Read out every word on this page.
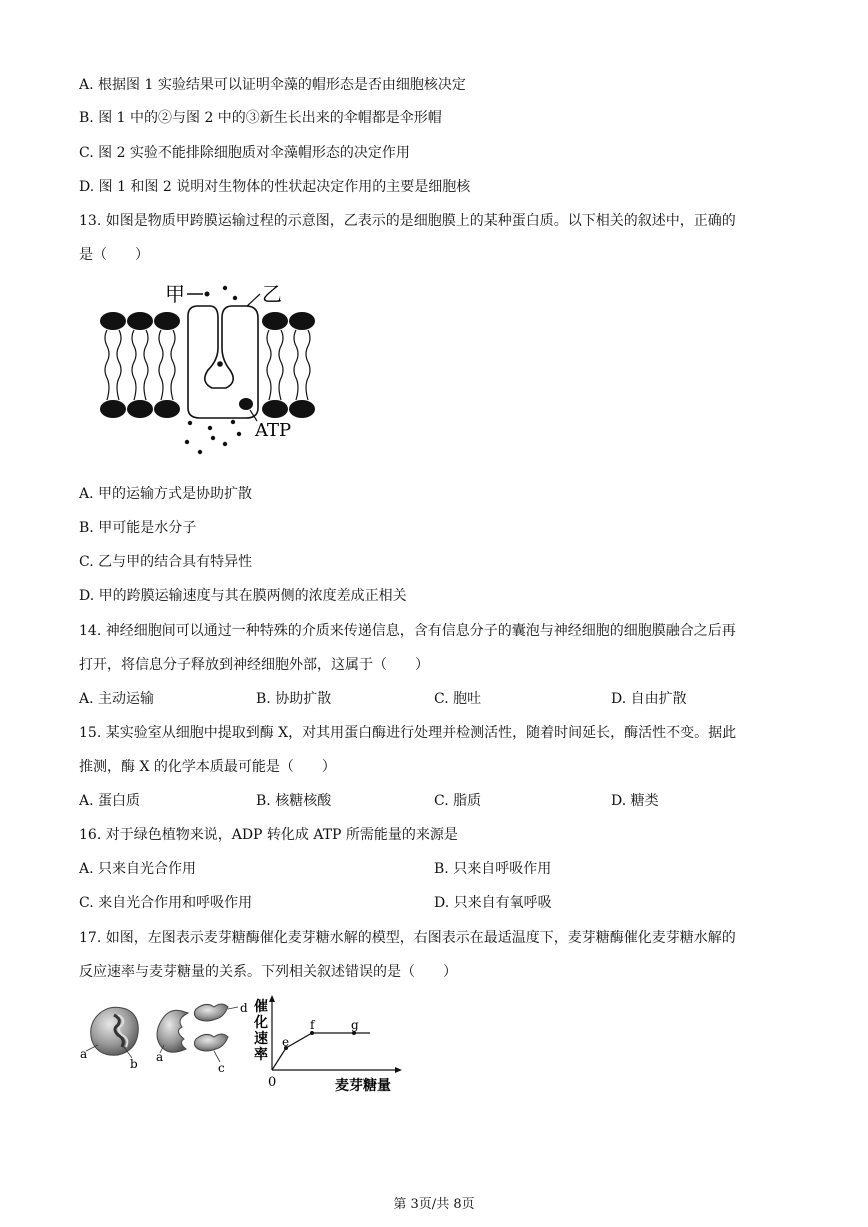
A. 根据图 1 实验结果可以证明伞藻的帽形态是否由细胞核决定
B. 图 1 中的②与图 2 中的③新生长出来的伞帽都是伞形帽
C. 图 2 实验不能排除细胞质对伞藻帽形态的决定作用
D. 图 1 和图 2 说明对生物体的性状起决定作用的主要是细胞核
13. 如图是物质甲跨膜运输过程的示意图，乙表示的是细胞膜上的某种蛋白质。以下相关的叙述中，正确的
是（　　）
甲	乙
ATP
A. 甲的运输方式是协助扩散
B. 甲可能是水分子
C. 乙与甲的结合具有特异性
D. 甲的跨膜运输速度与其在膜两侧的浓度差成正相关
14. 神经细胞间可以通过一种特殊的介质来传递信息，含有信息分子的囊泡与神经细胞的细胞膜融合之后再
打开，将信息分子释放到神经细胞外部，这属于（　　）
A. 主动运输	B. 协助扩散	C. 胞吐	D. 自由扩散
15. 某实验室从细胞中提取到酶 X，对其用蛋白酶进行处理并检测活性，随着时间延长，酶活性不变。据此
推测，酶 X 的化学本质最可能是（　　）
A. 蛋白质	B. 核糖核酸	C. 脂质	D. 糖类
16. 对于绿色植物来说，ADP 转化成 ATP 所需能量的来源是
A. 只来自光合作用	B. 只来自呼吸作用
C. 来自光合作用和呼吸作用	D. 只来自有氧呼吸
17. 如图，左图表示麦芽糖酶催化麦芽糖水解的模型，右图表示在最适温度下，麦芽糖酶催化麦芽糖水解的
反应速率与麦芽糖量的关系。下列相关叙述错误的是（　　）
a
b a
d
c
催
化
速
率
e
f	g
0	麦芽糖量
第 3页/共 8页
